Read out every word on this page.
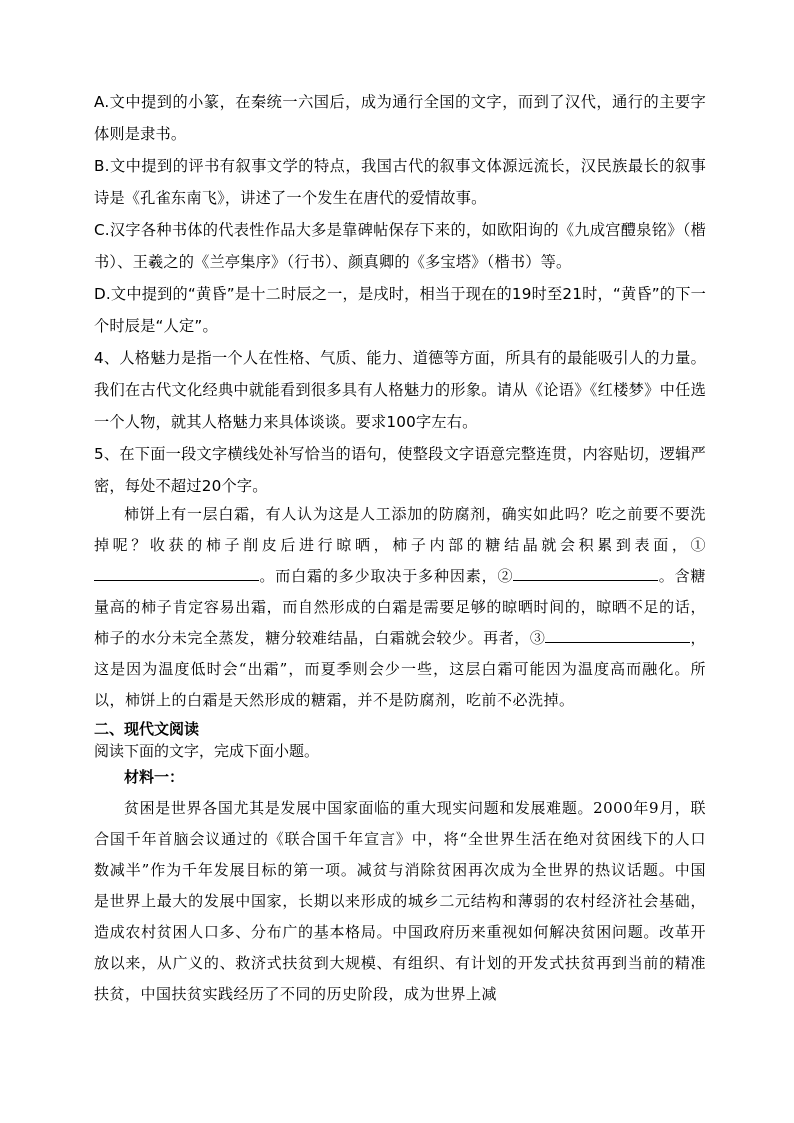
A.文中提到的小篆，在秦统一六国后，成为通行全国的文字，而到了汉代，通行的主要字体则是隶书。

B.文中提到的评书有叙事文学的特点，我国古代的叙事文体源远流长，汉民族最长的叙事诗是《孔雀东南飞》，讲述了一个发生在唐代的爱情故事。

C.汉字各种书体的代表性作品大多是靠碑帖保存下来的，如欧阳询的《九成宫醴泉铭》（楷书）、王羲之的《兰亭集序》（行书）、颜真卿的《多宝塔》（楷书）等。

D.文中提到的“黄昏”是十二时辰之一，是戌时，相当于现在的19时至21时，“黄昏”的下一个时辰是“人定”。

4、人格魅力是指一个人在性格、气质、能力、道德等方面，所具有的最能吸引人的力量。我们在古代文化经典中就能看到很多具有人格魅力的形象。请从《论语》《红楼梦》中任选一个人物，就其人格魅力来具体谈谈。要求100字左右。

5、在下面一段文字横线处补写恰当的语句，使整段文字语意完整连贯，内容贴切，逻辑严密，每处不超过20个字。

柿饼上有一层白霜，有人认为这是人工添加的防腐剂，确实如此吗？吃之前要不要洗掉呢？收获的柿子削皮后进行晾晒，柿子内部的糖结晶就会积累到表面，①。而白霜的多少取决于多种因素，②	。含糖量高的柿子肯定容易出霜，而自然形成的白霜是需要足够的晾晒时间的，晾晒不足的话，柿子的水分未完全蒸发，糖分较难结晶，白霜就会较少。再者，③	，这是因为温度低时会“出霜”，而夏季则会少一些，这层白霜可能因为温度高而融化。所以，柿饼上的白霜是天然形成的糖霜，并不是防腐剂，吃前不必洗掉。

二、现代文阅读

阅读下面的文字，完成下面小题。

材料一：

贫困是世界各国尤其是发展中国家面临的重大现实问题和发展难题。2000年9月，联合国千年首脑会议通过的《联合国千年宣言》中，将“全世界生活在绝对贫困线下的人口数减半”作为千年发展目标的第一项。减贫与消除贫困再次成为全世界的热议话题。中国是世界上最大的发展中国家，长期以来形成的城乡二元结构和薄弱的农村经济社会基础，造成农村贫困人口多、分布广的基本格局。中国政府历来重视如何解决贫困问题。改革开放以来，从广义的、救济式扶贫到大规模、有组织、有计划的开发式扶贫再到当前的精准扶贫，中国扶贫实践经历了不同的历史阶段，成为世界上减
